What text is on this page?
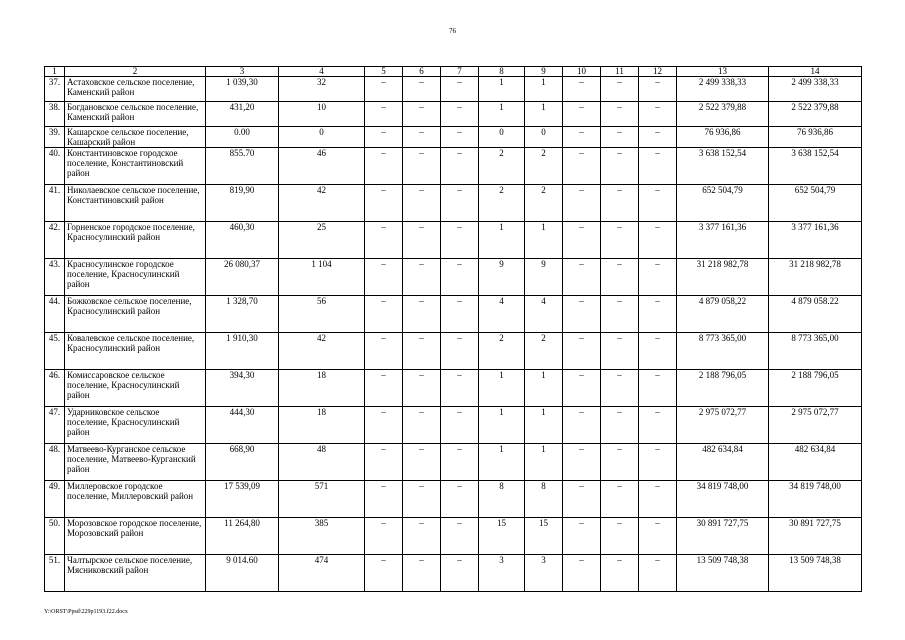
76
1	2	3	4	5	6	7	8	9	10	11	12	13	14
37.	Астаховское сельское поселение, Каменский район	1 039,30	32	–	–	–	1	1	–	–	–	2 499 338,33	2 499 338,33
38.	Богдановское сельское поселение, Каменский район	431,20	10	–	–	–	1	1	–	–	–	2 522 379,88	2 522 379,88
39.	Кашарское сельское поселение, Кашарский район	0.00	0	–	–	–	0	0	–	–	–	76 936,86	76 936,86
40.	Константиновское городское поселение, Константиновский район	855.70	46	–	–	–	2	2	–	–	–	3 638 152,54	3 638 152,54
41.	Николаевское сельское поселение, Константиновский район	819,90	42	–	–	–	2	2	–	–	–	652 504,79	652 504,79
42.	Горненское городское поселение, Красносулинский район	460,30	25	–	–	–	1	1	–	–	–	3 377 161,36	3 377 161,36
43.	Красносулинское городское поселение, Красносулинский район	26 080,37	1 104	–	–	–	9	9	–	–	–	31 218 982,78	31 218 982,78
44.	Божковское сельское поселение, Красносулинский район	1 328,70	56	–	–	–	4	4	–	–	–	4 879 058,22	4 879 058.22
45.	Ковалевское сельское поселение, Красносулинский район	1 910,30	42	–	–	–	2	2	–	–	–	8 773 365,00	8 773 365,00
46.	Комиссаровское сельское поселение, Красносулинский район	394,30	18	–	–	–	1	1	–	–	–	2 188 796,05	2 188 796,05
47.	Ударниковское сельское поселение, Красносулинский район	444,30	18	–	–	–	1	1	–	–	–	2 975 072,77	2 975 072,77
48.	Матвеево-Курганское сельское поселение, Матвеево-Курганский район	668,90	48	–	–	–	1	1	–	–	–	482 634,84	482 634,84
49.	Миллеровское городское поселение, Миллеровский район	17 539,09	571	–	–	–	8	8	–	–	–	34 819 748,00	34 819 748,00
50.	Морозовское городское поселение, Морозовский район	11 264,80	385	–	–	–	15	15	–	–	–	30 891 727,75	30 891 727,75
51.	Чалтырское сельское поселение, Мясниковский район	9 014.60	474	–	–	–	3	3	–	–	–	13 509 748,38	13 509 748,38
Y:\ORST\Ppsd\229p1193.f22.docx
